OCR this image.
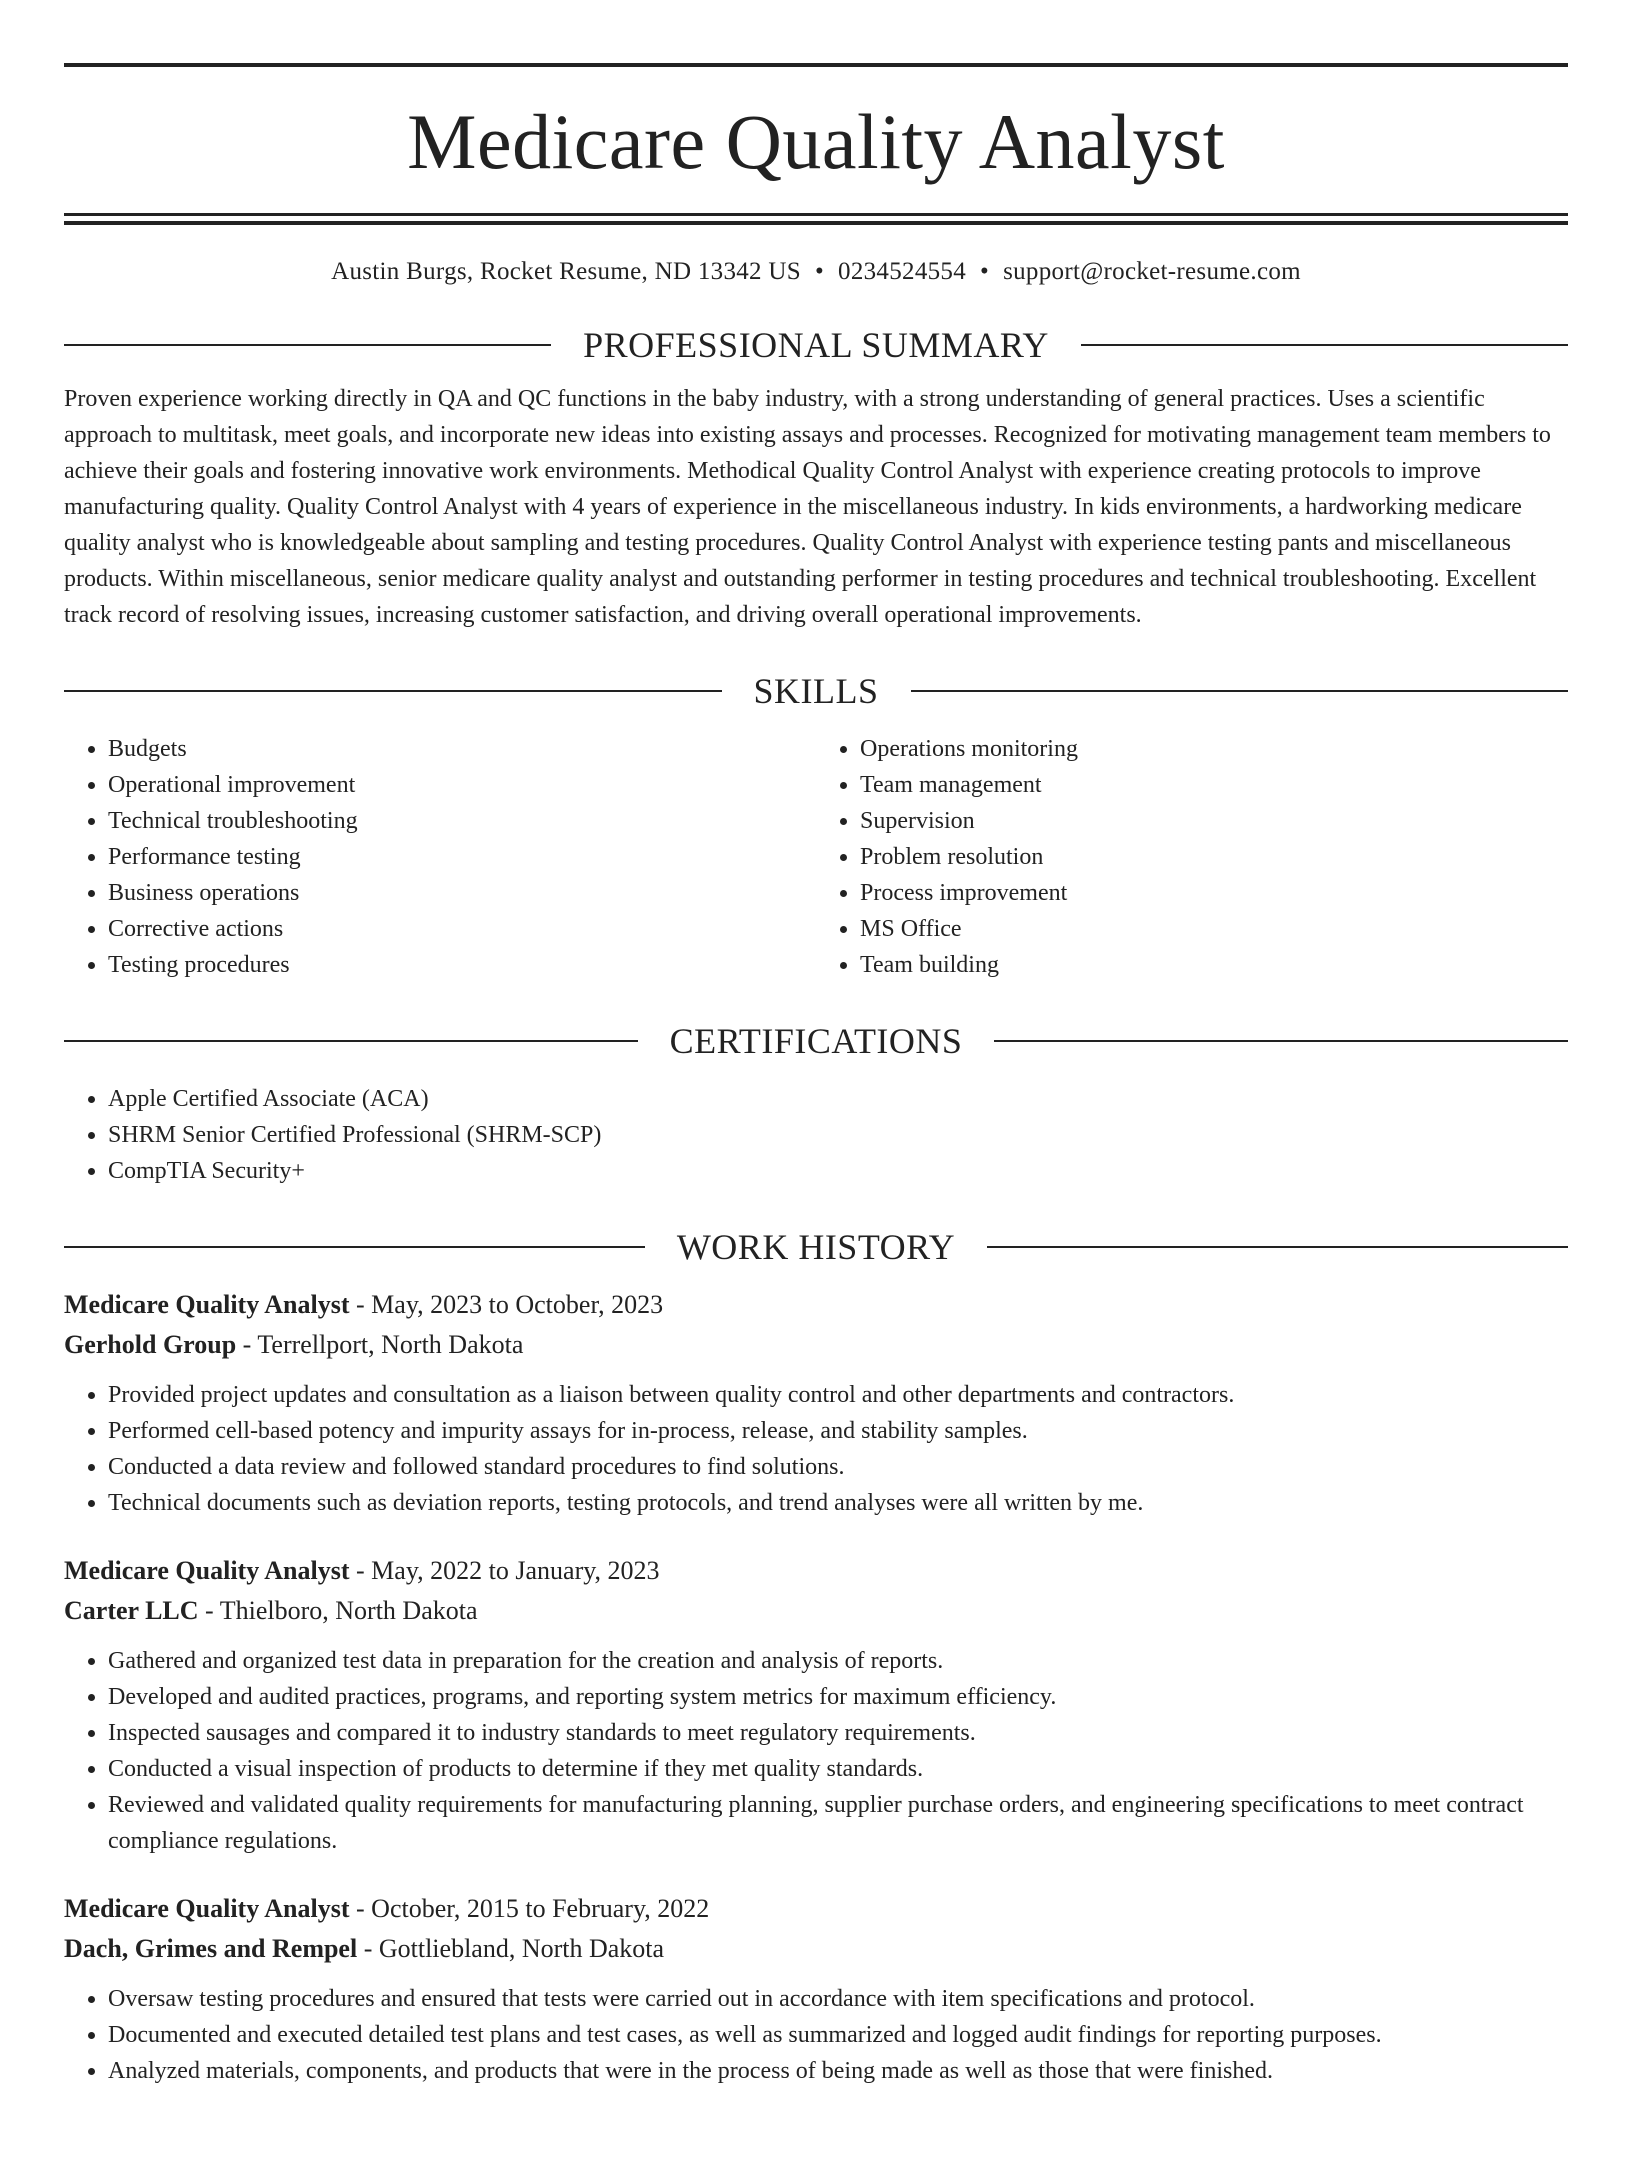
Medicare Quality Analyst
Austin Burgs, Rocket Resume, ND 13342 US • 0234524554 • support@rocket-resume.com
PROFESSIONAL SUMMARY

Proven experience working directly in QA and QC functions in the baby industry, with a strong understanding of general practices. Uses a scientific approach to multitask, meet goals, and incorporate new ideas into existing assays and processes. Recognized for motivating management team members to achieve their goals and fostering innovative work environments. Methodical Quality Control Analyst with experience creating protocols to improve manufacturing quality. Quality Control Analyst with 4 years of experience in the miscellaneous industry. In kids environments, a hardworking medicare quality analyst who is knowledgeable about sampling and testing procedures. Quality Control Analyst with experience testing pants and miscellaneous products. Within miscellaneous, senior medicare quality analyst and outstanding performer in testing procedures and technical troubleshooting. Excellent track record of resolving issues, increasing customer satisfaction, and driving overall operational improvements.

SKILLS
• Budgets
• Operational improvement
• Technical troubleshooting
• Performance testing
• Business operations
• Corrective actions
• Testing procedures
• Operations monitoring
• Team management
• Supervision
• Problem resolution
• Process improvement
• MS Office
• Team building
CERTIFICATIONS
• Apple Certified Associate (ACA)
• SHRM Senior Certified Professional (SHRM-SCP)
• CompTIA Security+
WORK HISTORY
Medicare Quality Analyst - May, 2023 to October, 2023
Gerhold Group - Terrellport, North Dakota
• Provided project updates and consultation as a liaison between quality control and other departments and contractors.
• Performed cell-based potency and impurity assays for in-process, release, and stability samples.
• Conducted a data review and followed standard procedures to find solutions.
• Technical documents such as deviation reports, testing protocols, and trend analyses were all written by me.
Medicare Quality Analyst - May, 2022 to January, 2023
Carter LLC - Thielboro, North Dakota
• Gathered and organized test data in preparation for the creation and analysis of reports.
• Developed and audited practices, programs, and reporting system metrics for maximum efficiency.
• Inspected sausages and compared it to industry standards to meet regulatory requirements.
• Conducted a visual inspection of products to determine if they met quality standards.
• Reviewed and validated quality requirements for manufacturing planning, supplier purchase orders, and engineering specifications to meet contract compliance regulations.
Medicare Quality Analyst - October, 2015 to February, 2022
Dach, Grimes and Rempel - Gottliebland, North Dakota
• Oversaw testing procedures and ensured that tests were carried out in accordance with item specifications and protocol.
• Documented and executed detailed test plans and test cases, as well as summarized and logged audit findings for reporting purposes.
• Analyzed materials, components, and products that were in the process of being made as well as those that were finished.
